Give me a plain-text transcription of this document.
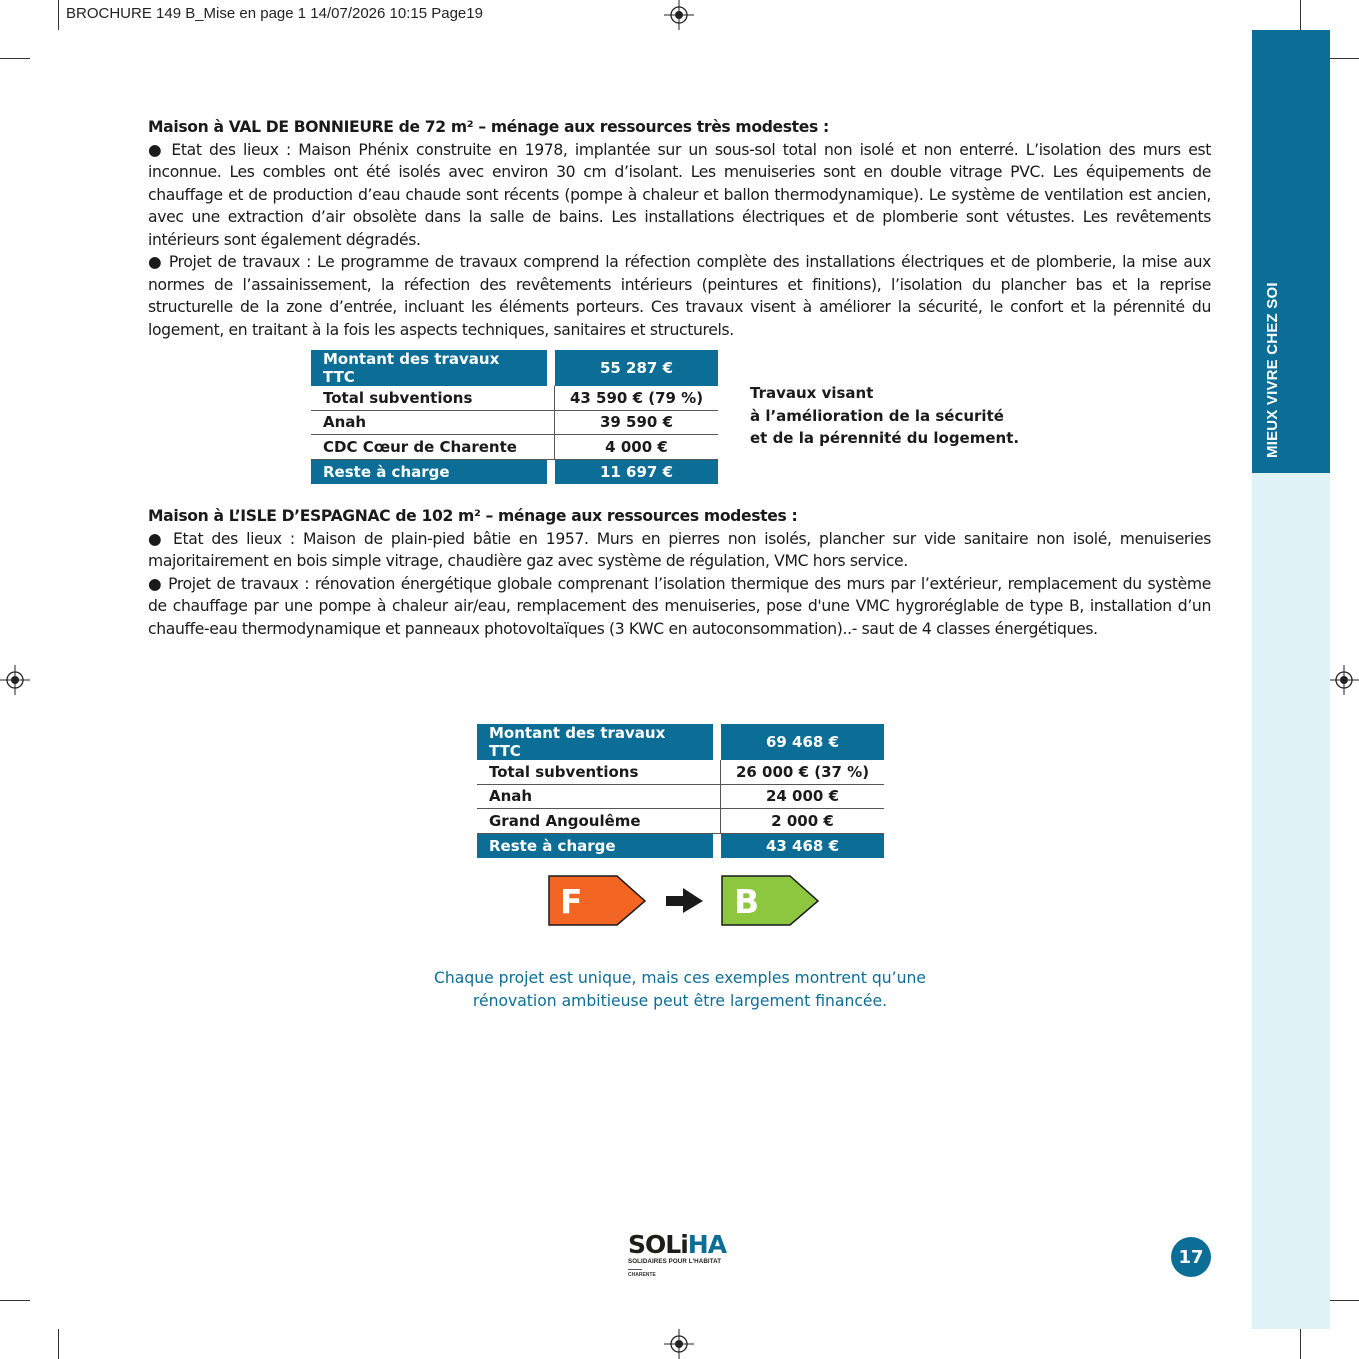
BROCHURE 149 B_Mise en page 1 14/07/2026 10:15 Page19
MIEUX VIVRE CHEZ SOI

Maison à VAL DE BONNIEURE de 72 m² – ménage aux ressources très modestes :

● Etat des lieux : Maison Phénix construite en 1978, implantée sur un sous-sol total non isolé et non enterré. L’isolation des murs est inconnue. Les combles ont été isolés avec environ 30 cm d’isolant. Les menuiseries sont en double vitrage PVC. Les équipements de chauffage et de production d’eau chaude sont récents (pompe à chaleur et ballon thermodynamique). Le système de ventilation est ancien, avec une extraction d’air obsolète dans la salle de bains. Les installations électriques et de plomberie sont vétustes. Les revêtements intérieurs sont également dégradés.

● Projet de travaux : Le programme de travaux comprend la réfection complète des installations électriques et de plomberie, la mise aux normes de l’assainissement, la réfection des revêtements intérieurs (peintures et finitions), l’isolation du plancher bas et la reprise structurelle de la zone d’entrée, incluant les éléments porteurs. Ces travaux visent à améliorer la sécurité, le confort et la pérennité du logement, en traitant à la fois les aspects techniques, sanitaires et structurels.

Montant des travaux TTC	55 287 €
Total subventions	43 590 € (79 %)
Anah	39 590 €
CDC Cœur de Charente	4 000 €
Reste à charge	11 697 €
Travaux visant
à l’amélioration de la sécurité
et de la pérennité du logement.

Maison à L’ISLE D’ESPAGNAC de 102 m² – ménage aux ressources modestes :

● Etat des lieux : Maison de plain-pied bâtie en 1957. Murs en pierres non isolés, plancher sur vide sanitaire non isolé, menuiseries majoritairement en bois simple vitrage, chaudière gaz avec système de régulation, VMC hors service.

● Projet de travaux : rénovation énergétique globale comprenant l’isolation thermique des murs par l’extérieur, remplacement du système de chauffage par une pompe à chaleur air/eau, remplacement des menuiseries, pose d'une VMC hygroréglable de type B, installation d’un chauffe-eau thermodynamique et panneaux photovoltaïques (3 KWC en autoconsommation)..- saut de 4 classes énergétiques.

Montant des travaux TTC	69 468 €
Total subventions	26 000 € (37 %)
Anah	24 000 €
Grand Angoulême	2 000 €
Reste à charge	43 468 €
F	B
Chaque projet est unique, mais ces exemples montrent qu’une
rénovation ambitieuse peut être largement financée.
SOLiHA
SOLIDAIRES POUR L'HABITAT
CHARENTE
17
